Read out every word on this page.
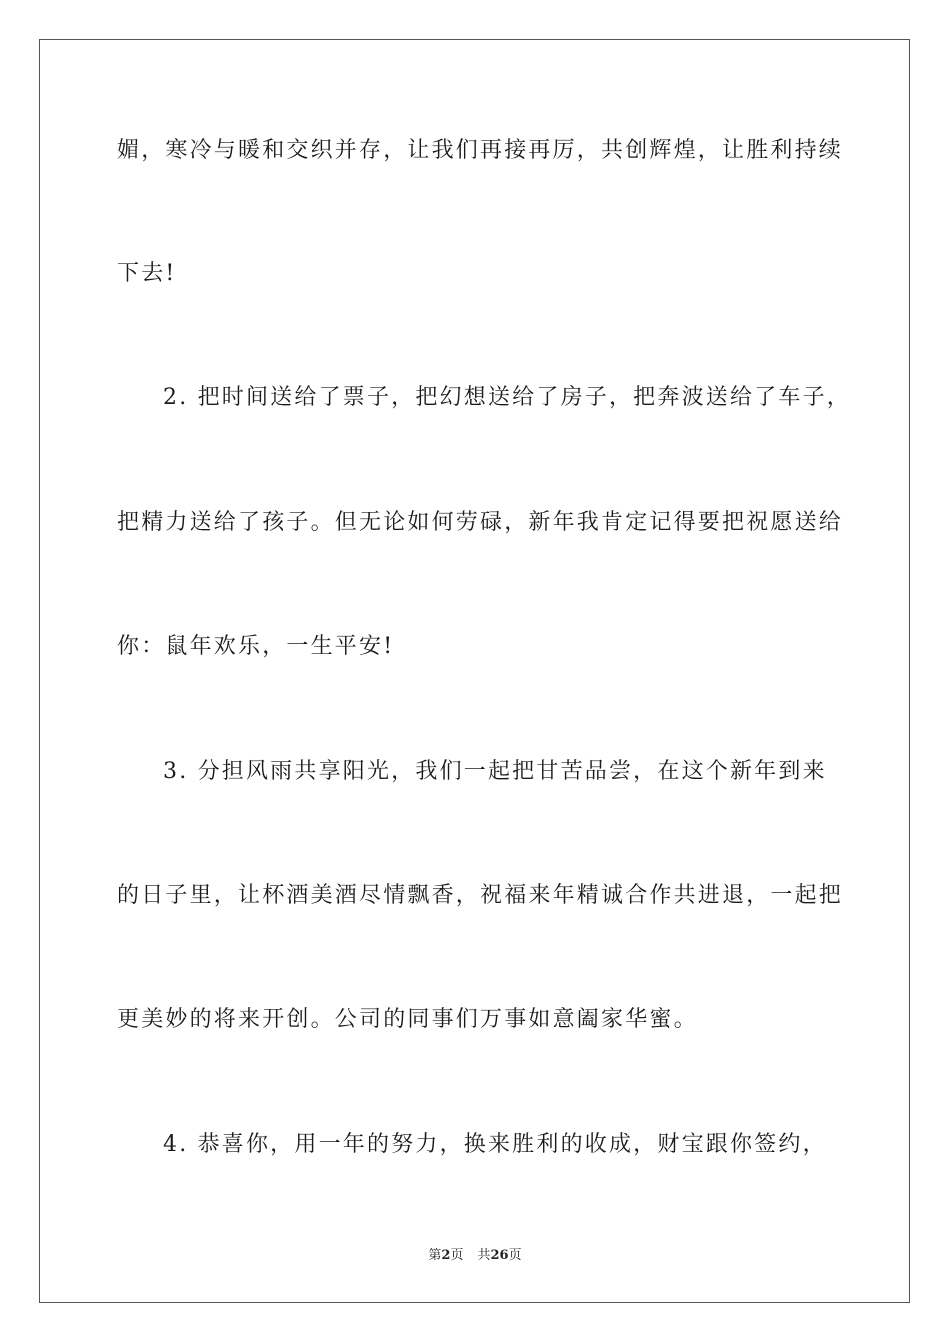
媚，寒冷与暖和交织并存，让我们再接再厉，共创辉煌，让胜利持续
下去!
2. 把时间送给了票子，把幻想送给了房子，把奔波送给了车子，
把精力送给了孩子。但无论如何劳碌，新年我肯定记得要把祝愿送给
你：鼠年欢乐，一生平安!
3. 分担风雨共享阳光，我们一起把甘苦品尝，在这个新年到来
的日子里，让杯酒美酒尽情飘香，祝福来年精诚合作共进退，一起把
更美妙的将来开创。公司的同事们万事如意阖家华蜜。
4. 恭喜你，用一年的努力，换来胜利的收成，财宝跟你签约，
第2页 共26页
